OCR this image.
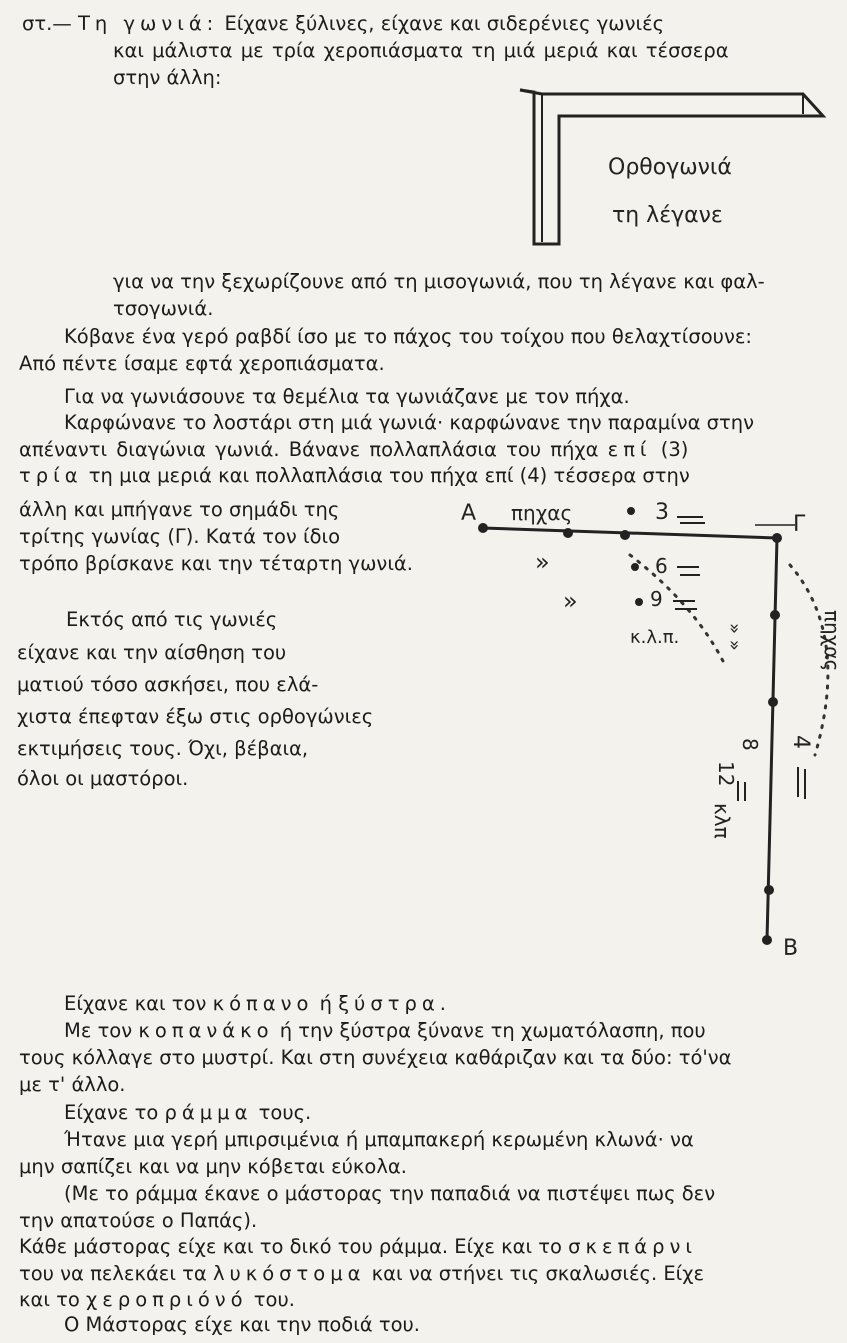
στ.— Τη γωνιά: Είχανε ξύλινες, είχανε και σιδερένιες γωνιές
και μάλιστα με τρία χεροπιάσματα τη μιά μεριά και τέσσερα
στην άλλη:
Ορθογωνιά
τη λέγανε
για να την ξεχωρίζουνε από τη μισογωνιά, που τη λέγανε και φαλ-
τσογωνιά.
Κόβανε ένα γερό ραβδί ίσο με το πάχος του τοίχου που θελαχτίσουνε:
Από πέντε ίσαμε εφτά χεροπιάσματα.
Για να γωνιάσουνε τα θεμέλια τα γωνιάζανε με τον πήχα.
Καρφώνανε το λοστάρι στη μιά γωνιά· καρφώνανε την παραμίνα στην
απέναντι διαγώνια γωνιά. Βάνανε πολλαπλάσια του πήχα επί (3)
τρία τη μια μεριά και πολλαπλάσια του πήχα επί (4) τέσσερα στην
άλλη και μπήγανε το σημάδι της
τρίτης γωνίας (Γ). Κατά τον ίδιο
τρόπο βρίσκανε και την τέταρτη γωνιά.
Εκτός από τις γωνιές
είχανε και την αίσθηση του
ματιού τόσο ασκήσει, που ελά-
χιστα έπεφταν έξω στις ορθογώνιες
εκτιμήσεις τους. Όχι, βέβαια,
όλοι οι μαστόροι.
Α πηχας	Γ
Β
3
6
9
»
»
κ.λ.π. » »	πηχας
4
8
12
κλπ
Είχανε και τον κόπανο ή ξύστρα.
Με τον κοπανάκο ή την ξύστρα ξύνανε τη χωματόλασπη, που
τους κόλλαγε στο μυστρί. Και στη συνέχεια καθάριζαν και τα δύο: τό'να
με τ' άλλο.
Είχανε το ράμμα τους.
Ήτανε μια γερή μπιρσιμένια ή μπαμπακερή κερωμένη κλωνά· να
μην σαπίζει και να μην κόβεται εύκολα.
(Με το ράμμα έκανε ο μάστορας την παπαδιά να πιστέψει πως δεν
την απατούσε ο Παπάς).
Κάθε μάστορας είχε και το δικό του ράμμα. Είχε και το σκεπάρνι
του να πελεκάει τα λυκόστομα και να στήνει τις σκαλωσιές. Είχε
και το χεροπριόνό του.
Ο Μάστορας είχε και την ποδιά του.
